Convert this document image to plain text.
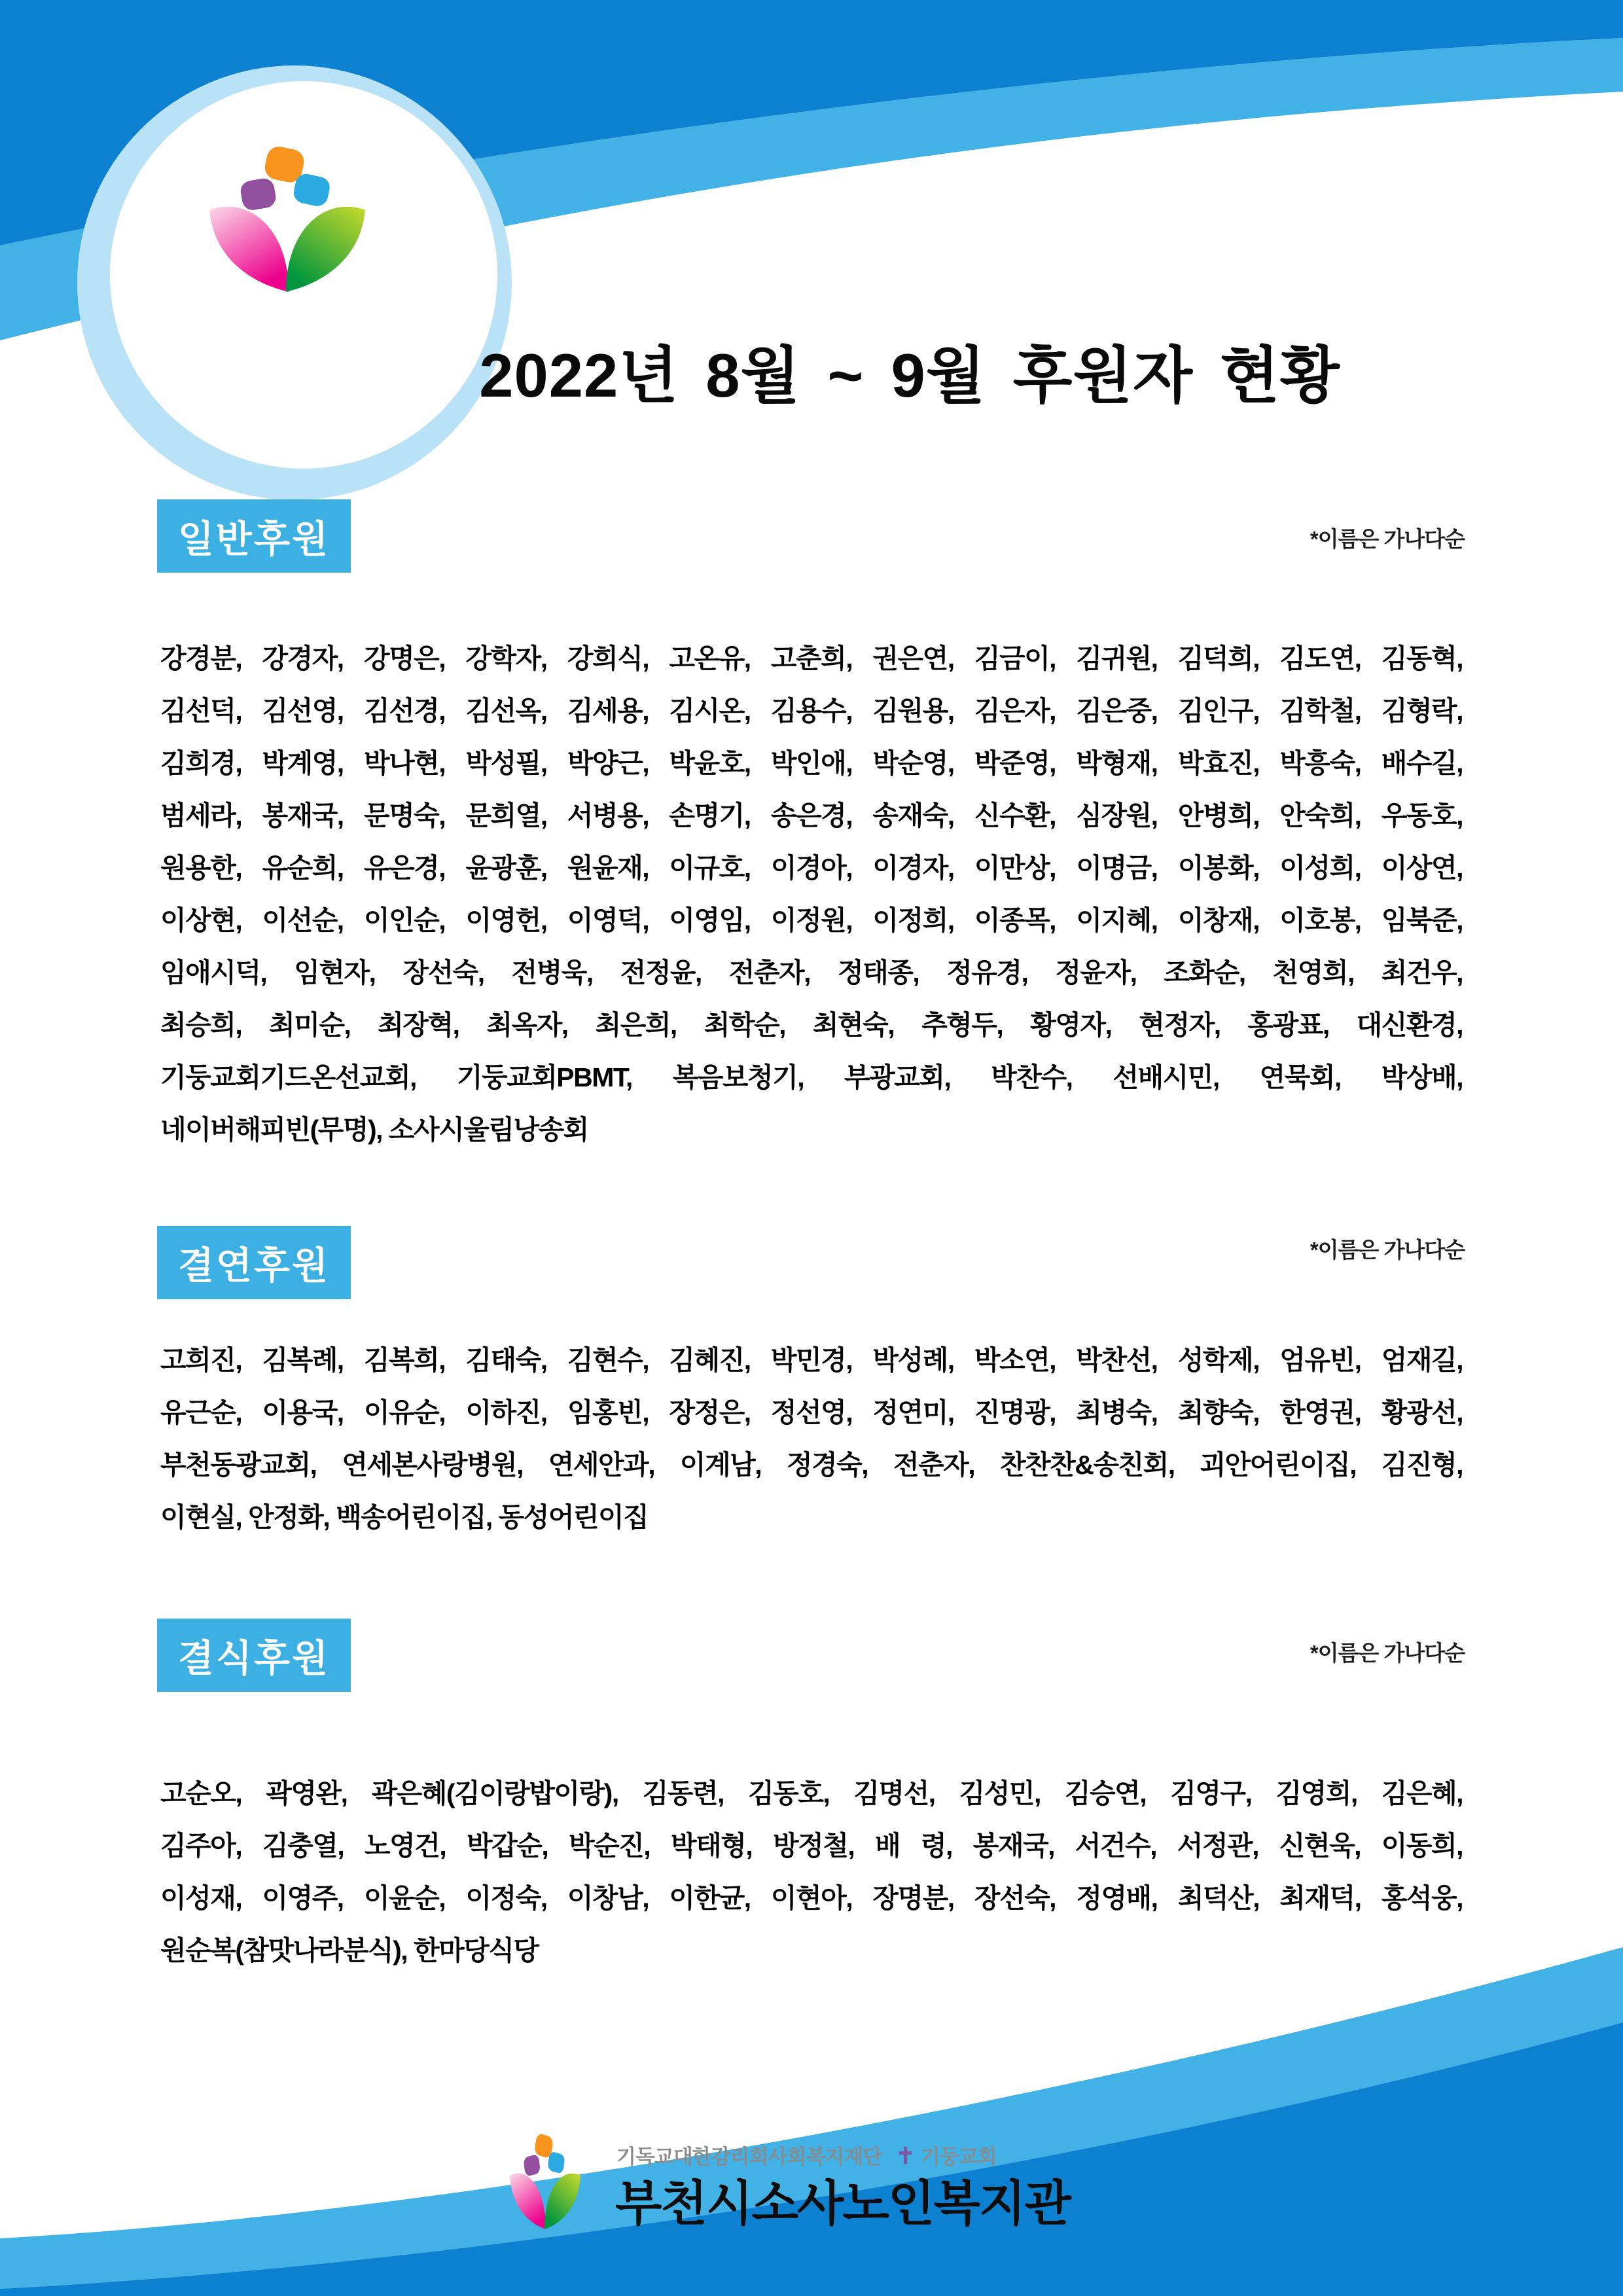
2022년 8월 ~ 9월 후원자 현황
일반후원	*이름은 가나다순
강경분, 강경자, 강명은, 강학자, 강희식, 고온유, 고춘희, 권은연, 김금이, 김귀원, 김덕희, 김도연, 김동혁,
김선덕, 김선영, 김선경, 김선옥, 김세용, 김시온, 김용수, 김원용, 김은자, 김은중, 김인구, 김학철, 김형락,
김희경, 박계영, 박나현, 박성필, 박양근, 박윤호, 박인애, 박순영, 박준영, 박형재, 박효진, 박흥숙, 배수길,
범세라, 봉재국, 문명숙, 문희열, 서병용, 손명기, 송은경, 송재숙, 신수환, 심장원, 안병희, 안숙희, 우동호,
원용한, 유순희, 유은경, 윤광훈, 원윤재, 이규호, 이경아, 이경자, 이만상, 이명금, 이봉화, 이성희, 이상연,
이상현, 이선순, 이인순, 이영헌, 이영덕, 이영임, 이정원, 이정희, 이종목, 이지혜, 이창재, 이호봉, 임북준,
임애시덕, 임현자, 장선숙, 전병욱, 전정윤, 전춘자, 정태종, 정유경, 정윤자, 조화순, 천영희, 최건우,
최승희, 최미순, 최장혁, 최옥자, 최은희, 최학순, 최현숙, 추형두, 황영자, 현정자, 홍광표, 대신환경,
기둥교회기드온선교회, 기둥교회PBMT, 복음보청기, 부광교회, 박찬수, 선배시민, 연묵회, 박상배,
네이버해피빈(무명), 소사시울림낭송회
결연후원	*이름은 가나다순
고희진, 김복례, 김복희, 김태숙, 김현수, 김혜진, 박민경, 박성례, 박소연, 박찬선, 성학제, 엄유빈, 엄재길,
유근순, 이용국, 이유순, 이하진, 임홍빈, 장정은, 정선영, 정연미, 진명광, 최병숙, 최향숙, 한영권, 황광선,
부천동광교회, 연세본사랑병원, 연세안과, 이계남, 정경숙, 전춘자, 찬찬찬&송친회, 괴안어린이집, 김진형,
이현실, 안정화, 백송어린이집, 동성어린이집
결식후원	*이름은 가나다순
고순오, 곽영완, 곽은혜(김이랑밥이랑), 김동련, 김동호, 김명선, 김성민, 김승연, 김영구, 김영희, 김은혜,
김주아, 김충열, 노영건, 박갑순, 박순진, 박태형, 방정철, 배 령, 봉재국, 서건수, 서정관, 신현욱, 이동희,
이성재, 이영주, 이윤순, 이정숙, 이창남, 이한균, 이현아, 장명분, 장선숙, 정영배, 최덕산, 최재덕, 홍석웅,
원순복(참맛나라분식), 한마당식당
기독교대한감리회사회복지재단 ✝ 기둥교회
부천시소사노인복지관
